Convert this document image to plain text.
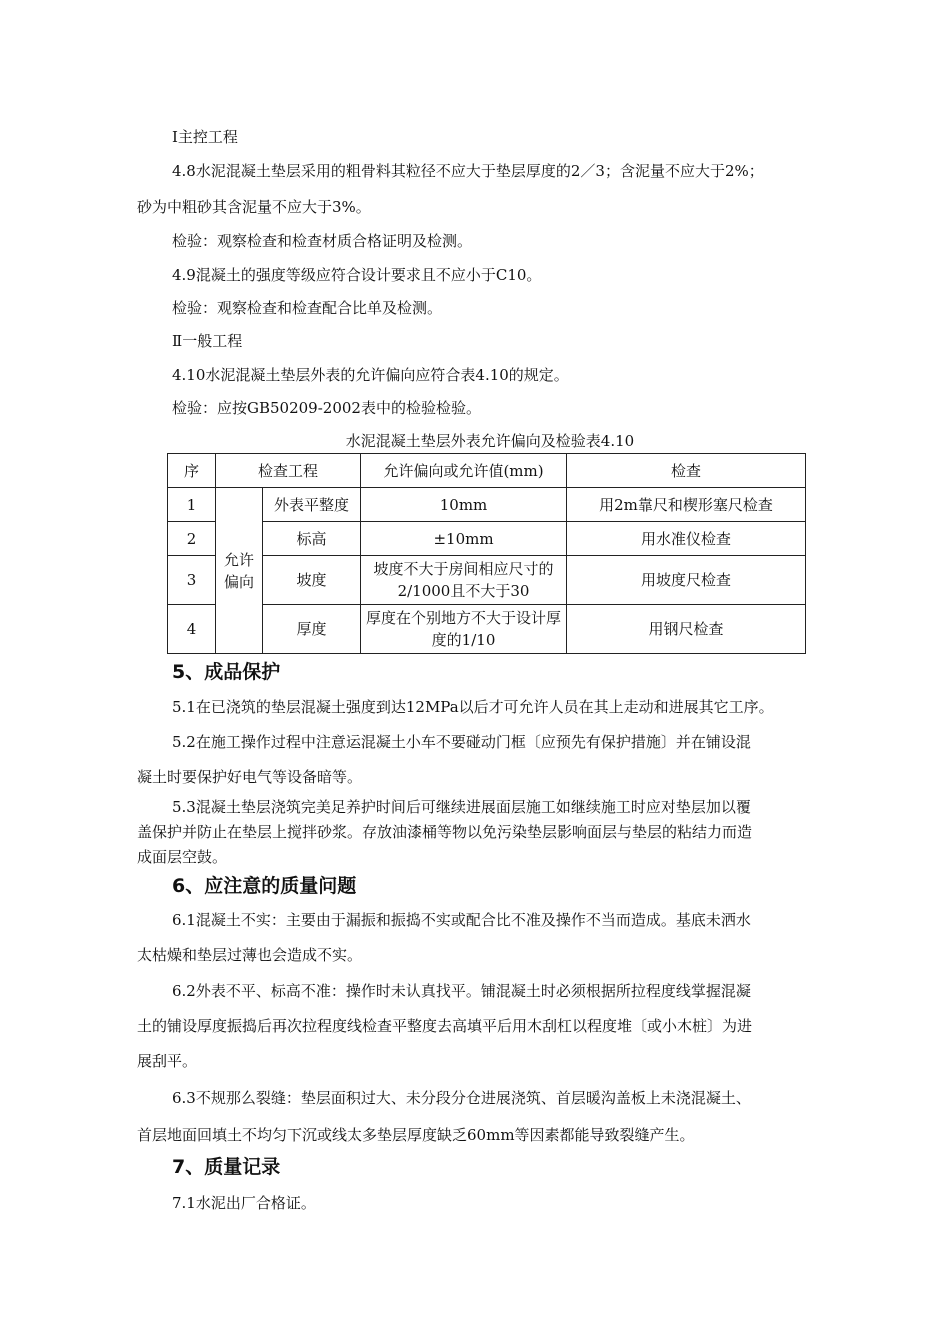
Ⅰ主控工程
4.8水泥混凝土垫层采用的粗骨料其粒径不应大于垫层厚度的2／3；含泥量不应大于2%；
砂为中粗砂其含泥量不应大于3%。
检验：观察检查和检查材质合格证明及检测。
4.9混凝土的强度等级应符合设计要求且不应小于C10。
检验：观察检查和检查配合比单及检测。
Ⅱ一般工程
4.10水泥混凝土垫层外表的允许偏向应符合表4.10的规定。
检验：应按GB50209-2002表中的检验检验。
水泥混凝土垫层外表允许偏向及检验表4.10
序	检查工程		允许偏向或允许值(mm)	检查
1	允许偏向	外表平整度	10mm	用2m靠尺和楔形塞尺检查
2		标高	±10mm	用水准仪检查
3		坡度	坡度不大于房间相应尺寸的2/1000且不大于30	用坡度尺检查
4		厚度	厚度在个别地方不大于设计厚度的1/10	用钢尺检查
5、成品保护
5.1在已浇筑的垫层混凝土强度到达12MPa以后才可允许人员在其上走动和进展其它工序。
5.2在施工操作过程中注意运混凝土小车不要碰动门框〔应预先有保护措施〕并在铺设混
凝土时要保护好电气等设备暗等。
5.3混凝土垫层浇筑完美足养护时间后可继续进展面层施工如继续施工时应对垫层加以覆
盖保护并防止在垫层上搅拌砂浆。存放油漆桶等物以免污染垫层影响面层与垫层的粘结力而造
成面层空鼓。
6、应注意的质量问题
6.1混凝土不实：主要由于漏振和振捣不实或配合比不准及操作不当而造成。基底未洒水
太枯燥和垫层过薄也会造成不实。
6.2外表不平、标高不准：操作时未认真找平。铺混凝土时必须根据所拉程度线掌握混凝
土的铺设厚度振捣后再次拉程度线检查平整度去高填平后用木刮杠以程度堆〔或小木桩〕为进
展刮平。
6.3不规那么裂缝：垫层面积过大、未分段分仓进展浇筑、首层暖沟盖板上未浇混凝土、
首层地面回填土不均匀下沉或线太多垫层厚度缺乏60mm等因素都能导致裂缝产生。
7、质量记录
7.1水泥出厂合格证。
